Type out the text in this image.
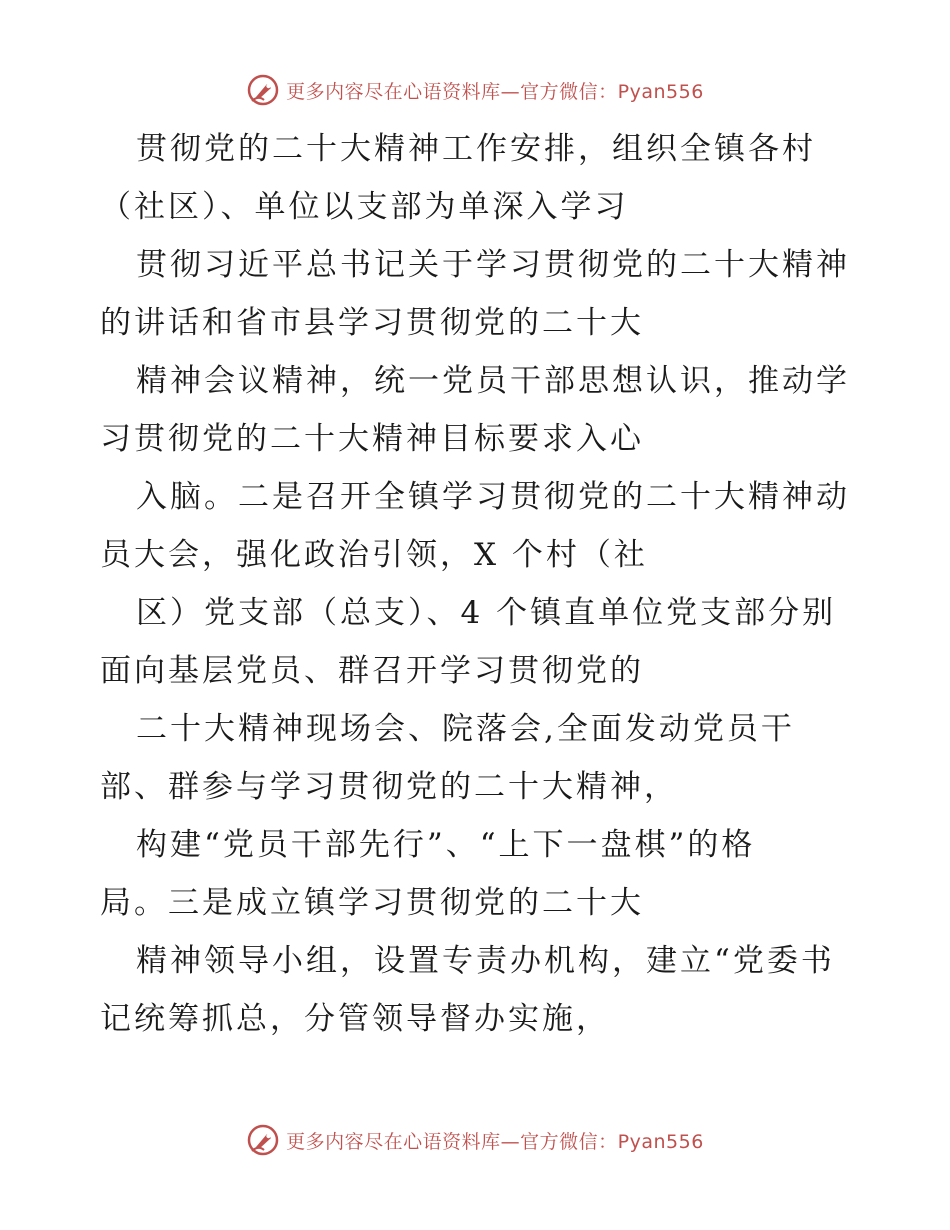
更多内容尽在心语资料库—官方微信：Pyan556
贯彻党的二十大精神工作安排，组织全镇各村
（社区）、单位以支部为单深入学习
贯彻习近平总书记关于学习贯彻党的二十大精神
的讲话和省市县学习贯彻党的二十大
精神会议精神，统一党员干部思想认识，推动学
习贯彻党的二十大精神目标要求入心
入脑。二是召开全镇学习贯彻党的二十大精神动
员大会，强化政治引领，X 个村（社
区）党支部（总支）、4 个镇直单位党支部分别
面向基层党员、群召开学习贯彻党的
二十大精神现场会、院落会,全面发动党员干
部、群参与学习贯彻党的二十大精神，
构建“党员干部先行”、“上下一盘棋”的格
局。三是成立镇学习贯彻党的二十大
精神领导小组，设置专责办机构，建立“党委书
记统筹抓总，分管领导督办实施，
更多内容尽在心语资料库—官方微信：Pyan556
